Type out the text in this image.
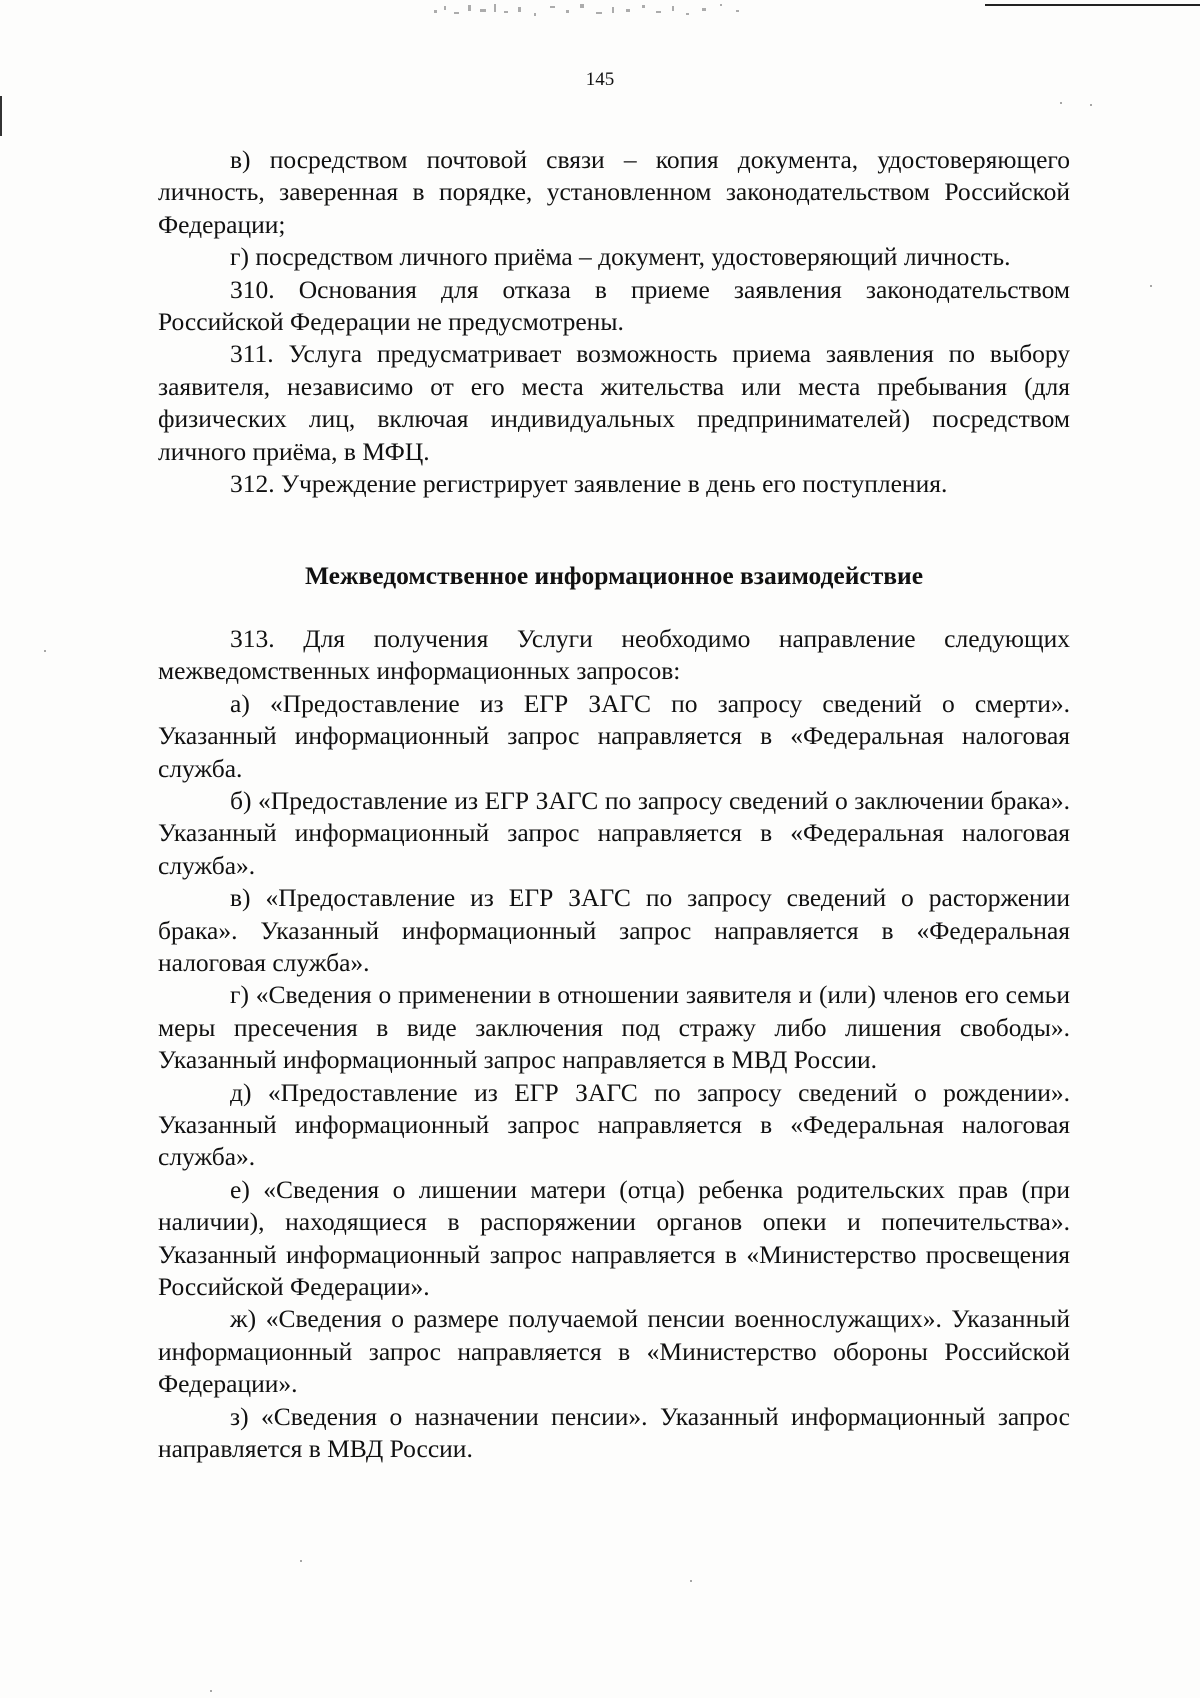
145

в) посредством почтовой связи – копия документа, удостоверяющего личность, заверенная в порядке, установленном законодательством Российской Федерации;

г) посредством личного приёма – документ, удостоверяющий личность.

310. Основания для отказа в приеме заявления законодательством Российской Федерации не предусмотрены.

311. Услуга предусматривает возможность приема заявления по выбору заявителя, независимо от его места жительства или места пребывания (для физических лиц, включая индивидуальных предпринимателей) посредством личного приёма, в МФЦ.

312. Учреждение регистрирует заявление в день его поступления.

Межведомственное информационное взаимодействие

313. Для получения Услуги необходимо направление следующих межведомственных информационных запросов:

а) «Предоставление из ЕГР ЗАГС по запросу сведений о смерти». Указанный информационный запрос направляется в «Федеральная налоговая служба.

б) «Предоставление из ЕГР ЗАГС по запросу сведений о заключении брака». Указанный информационный запрос направляется в «Федеральная налоговая служба».

в) «Предоставление из ЕГР ЗАГС по запросу сведений о расторжении брака». Указанный информационный запрос направляется в «Федеральная налоговая служба».

г) «Сведения о применении в отношении заявителя и (или) членов его семьи меры пресечения в виде заключения под стражу либо лишения свободы». Указанный информационный запрос направляется в МВД России.

д) «Предоставление из ЕГР ЗАГС по запросу сведений о рождении». Указанный информационный запрос направляется в «Федеральная налоговая служба».

е) «Сведения о лишении матери (отца) ребенка родительских прав (при наличии), находящиеся в распоряжении органов опеки и попечительства». Указанный информационный запрос направляется в «Министерство просвещения Российской Федерации».

ж) «Сведения о размере получаемой пенсии военнослужащих». Указанный информационный запрос направляется в «Министерство обороны Российской Федерации».

з) «Сведения о назначении пенсии». Указанный информационный запрос направляется в МВД России.
